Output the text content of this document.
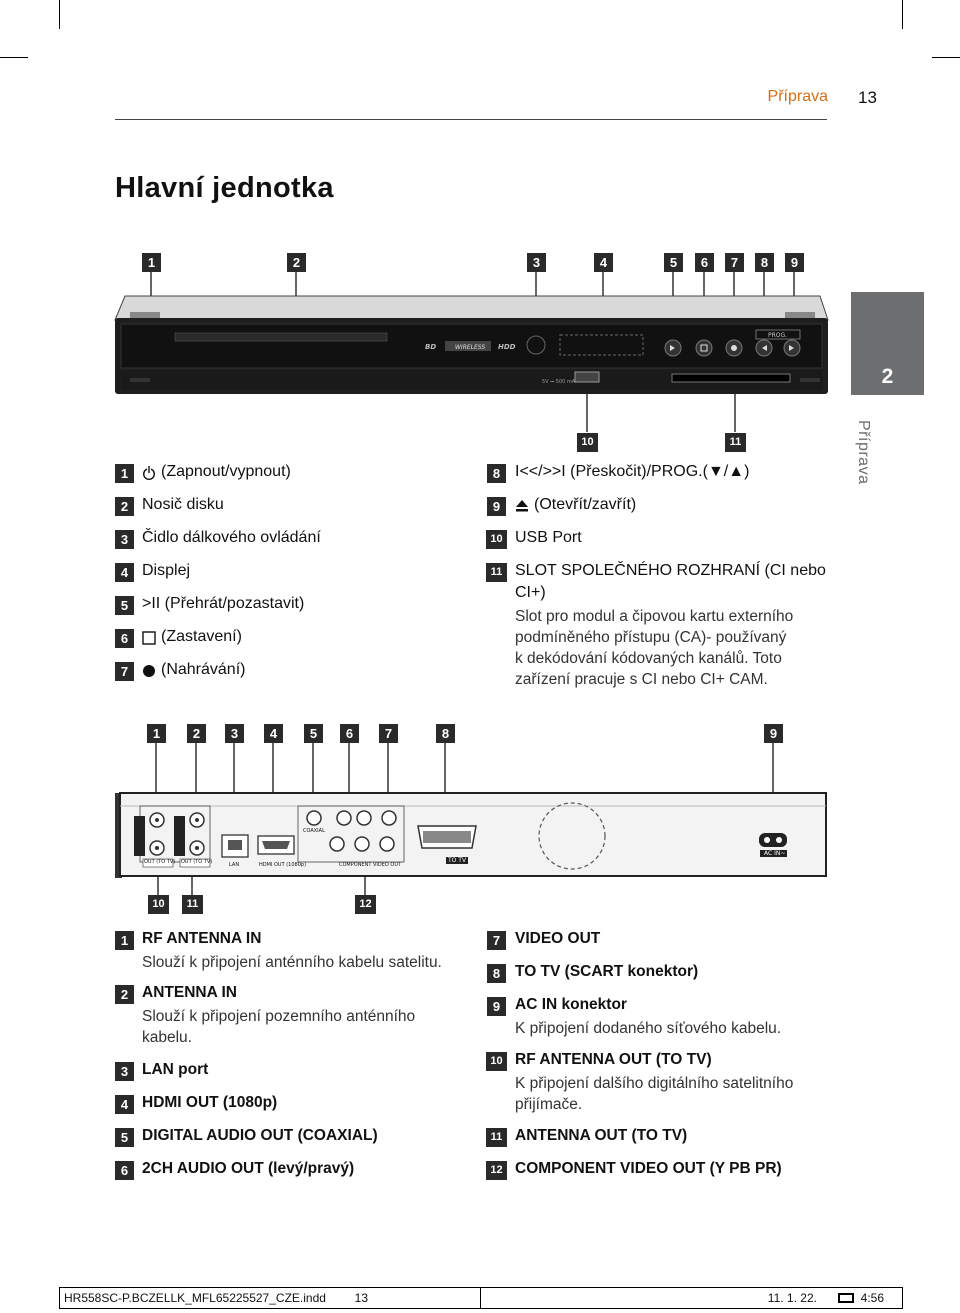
Příprava 13
Hlavní jednotka
2
Příprava
1	2	3	4	5	6	7	8	9
BD	WIRELESS HDD
PROG.
5V ⎓ 500 mA
10	11
1	(Zapnout/vypnout)
2 Nosič disku
3 Čidlo dálkového ovládání
4 Displej
5 >II (Přehrát/pozastavit)
6	(Zastavení)
7	(Nahrávání)
8 I<</>>I (Přeskočit)/PROG.(▼/▲)
9	(Otevřít/zavřít)
10 USB Port
11 SLOT SPOLEČNÉHO ROZHRANÍ (CI nebo
CI+)
Slot pro modul a čipovou kartu externího
podmíněného přístupu (CA)- používaný
k dekódování kódovaných kanálů. Toto
zařízení pracuje s CI nebo CI+ CAM.
1	2	3	4	5	6	7	8	9
OUT (TO TV) OUT (TO TV)	LAN	HDMI OUT (1080p)
COAXIAL
COMPONENT VIDEO OUT
TO TV
AC IN~
10	11	12
1 RF ANTENNA IN
Slouží k připojení anténního kabelu satelitu.
2 ANTENNA IN
Slouží k připojení pozemního anténního kabelu.
3 LAN port
4 HDMI OUT (1080p)
5 DIGITAL AUDIO OUT (COAXIAL)
6 2CH AUDIO OUT (levý/pravý)
7 VIDEO OUT
8 TO TV (SCART konektor)
9 AC IN konektor
K připojení dodaného síťového kabelu.
10 RF ANTENNA OUT (TO TV)
K připojení dalšího digitálního satelitního přijímače.
11 ANTENNA OUT (TO TV)
12 COMPONENT VIDEO OUT (Y PB PR)
HR558SC-P.BCZELLK_MFL65225527_CZE.indd 13	11. 1. 22.	4:56
